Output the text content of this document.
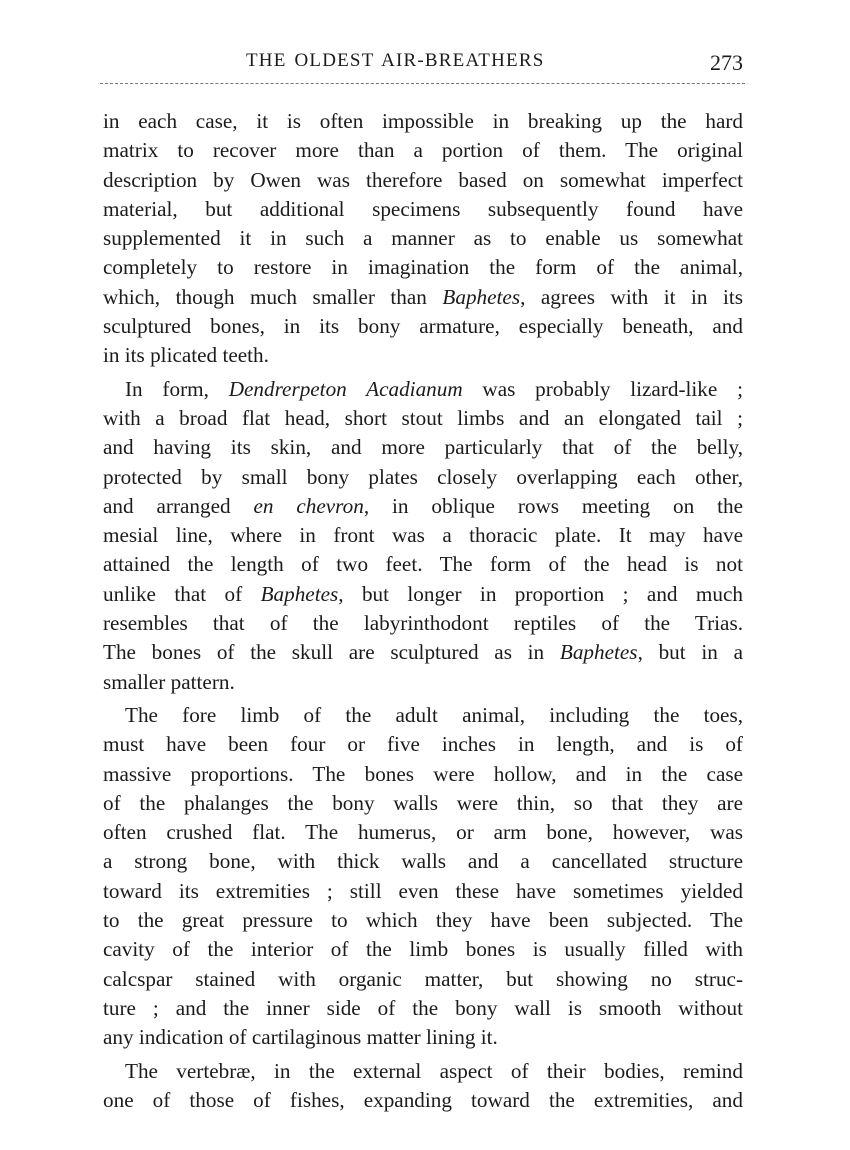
THE OLDEST AIR-BREATHERS	273
in each case, it is often impossible in breaking up the hard
matrix to recover more than a portion of them. The original
description by Owen was therefore based on somewhat imperfect
material, but additional specimens subsequently found have
supplemented it in such a manner as to enable us somewhat
completely to restore in imagination the form of the animal,
which, though much smaller than Baphetes, agrees with it in its
sculptured bones, in its bony armature, especially beneath, and
in its plicated teeth.
In form, Dendrerpeton Acadianum was probably lizard-like ;
with a broad flat head, short stout limbs and an elongated tail ;
and having its skin, and more particularly that of the belly,
protected by small bony plates closely overlapping each other,
and arranged en chevron, in oblique rows meeting on the
mesial line, where in front was a thoracic plate. It may have
attained the length of two feet. The form of the head is not
unlike that of Baphetes, but longer in proportion ; and much
resembles that of the labyrinthodont reptiles of the Trias.
The bones of the skull are sculptured as in Baphetes, but in a
smaller pattern.
The fore limb of the adult animal, including the toes,
must have been four or five inches in length, and is of
massive proportions. The bones were hollow, and in the case
of the phalanges the bony walls were thin, so that they are
often crushed flat. The humerus, or arm bone, however, was
a strong bone, with thick walls and a cancellated structure
toward its extremities ; still even these have sometimes yielded
to the great pressure to which they have been subjected. The
cavity of the interior of the limb bones is usually filled with
calcspar stained with organic matter, but showing no struc-
ture ; and the inner side of the bony wall is smooth without
any indication of cartilaginous matter lining it.
The vertebræ, in the external aspect of their bodies, remind
one of those of fishes, expanding toward the extremities, and
